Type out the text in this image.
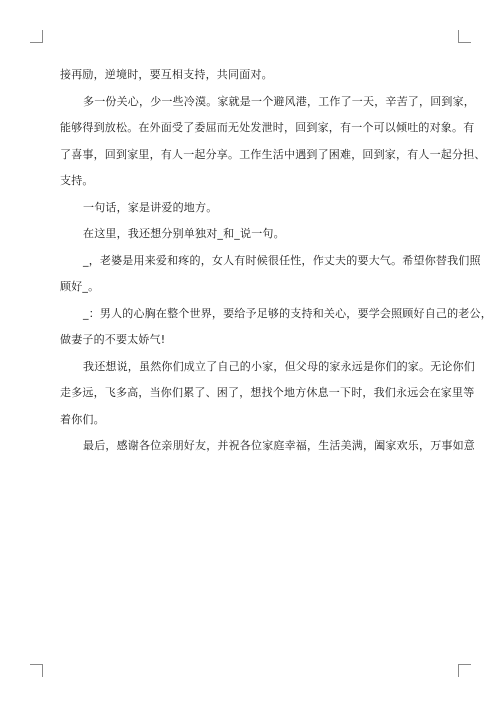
接再励，逆境时，要互相支持，共同面对。
多一份关心，少一些冷漠。家就是一个避风港，工作了一天，辛苦了，回到家，
能够得到放松。在外面受了委屈而无处发泄时，回到家，有一个可以倾吐的对象。有
了喜事，回到家里，有人一起分享。工作生活中遇到了困难，回到家，有人一起分担、
支持。
一句话，家是讲爱的地方。
在这里，我还想分别单独对_和_说一句。
_，老婆是用来爱和疼的，女人有时候很任性，作丈夫的要大气。希望你替我们照
顾好_。
_：男人的心胸在整个世界，要给予足够的支持和关心，要学会照顾好自己的老公，
做妻子的不要太娇气!
我还想说，虽然你们成立了自己的小家，但父母的家永远是你们的家。无论你们
走多远，飞多高，当你们累了、困了，想找个地方休息一下时，我们永远会在家里等
着你们。
最后，感谢各位亲朋好友，并祝各位家庭幸福，生活美满，阖家欢乐，万事如意
